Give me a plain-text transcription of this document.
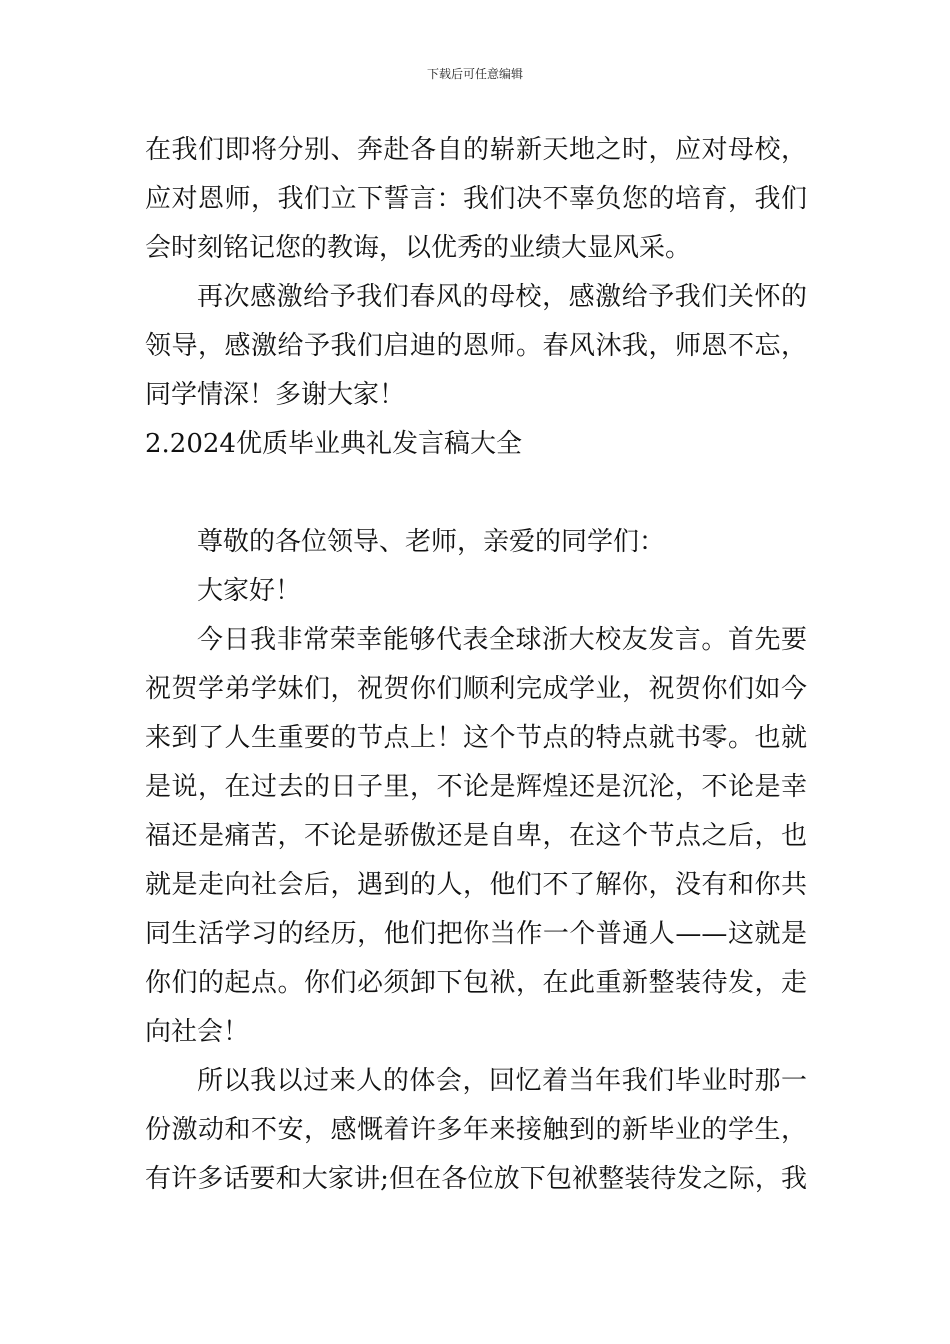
下载后可任意编辑
在我们即将分别、奔赴各自的崭新天地之时，应对母校，
应对恩师，我们立下誓言：我们决不辜负您的培育，我们
会时刻铭记您的教诲，以优秀的业绩大显风采。
再次感激给予我们春风的母校，感激给予我们关怀的
领导，感激给予我们启迪的恩师。春风沐我，师恩不忘，
同学情深！多谢大家！
2.2024优质毕业典礼发言稿大全
尊敬的各位领导、老师，亲爱的同学们：
大家好！
今日我非常荣幸能够代表全球浙大校友发言。首先要
祝贺学弟学妹们，祝贺你们顺利完成学业，祝贺你们如今
来到了人生重要的节点上！这个节点的特点就书零。也就
是说，在过去的日子里，不论是辉煌还是沉沦，不论是幸
福还是痛苦，不论是骄傲还是自卑，在这个节点之后，也
就是走向社会后，遇到的人，他们不了解你，没有和你共
同生活学习的经历，他们把你当作一个普通人——这就是
你们的起点。你们必须卸下包袱，在此重新整装待发，走
向社会！
所以我以过来人的体会，回忆着当年我们毕业时那一
份激动和不安，感慨着许多年来接触到的新毕业的学生，
有许多话要和大家讲;但在各位放下包袱整装待发之际，我
